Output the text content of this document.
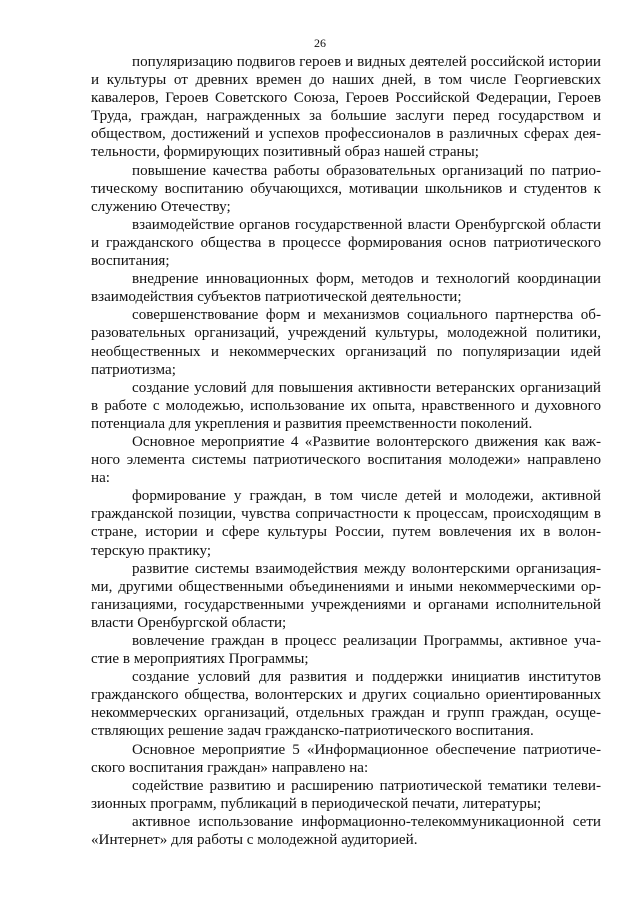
26

популяризацию подвигов героев и видных деятелей российской истории и культуры от древних времен до наших дней, в том числе Георгиевских кавалеров, Героев Советского Союза, Героев Российской Федерации, Героев Труда, граждан, награжденных за большие заслуги перед государством и обществом, достижений и успехов профессионалов в различных сферах деятельности, формирующих позитивный образ нашей страны;

повышение качества работы образовательных организаций по патриотическому воспитанию обучающихся, мотивации школьников и студентов к служению Отечеству;

взаимодействие органов государственной власти Оренбургской области и гражданского общества в процессе формирования основ патриотического воспитания;

внедрение инновационных форм, методов и технологий координации взаимодействия субъектов патриотической деятельности;

совершенствование форм и механизмов социального партнерства образовательных организаций, учреждений культуры, молодежной политики, необщественных и некоммерческих организаций по популяризации идей патриотизма;

создание условий для повышения активности ветеранских организаций в работе с молодежью, использование их опыта, нравственного и духовного потенциала для укрепления и развития преемственности поколений.

Основное мероприятие 4 «Развитие волонтерского движения как важного элемента системы патриотического воспитания молодежи» направлено на:

формирование у граждан, в том числе детей и молодежи, активной гражданской позиции, чувства сопричастности к процессам, происходящим в стране, истории и сфере культуры России, путем вовлечения их в волонтерскую практику;

развитие системы взаимодействия между волонтерскими организациями, другими общественными объединениями и иными некоммерческими организациями, государственными учреждениями и органами исполнительной власти Оренбургской области;

вовлечение граждан в процесс реализации Программы, активное участие в мероприятиях Программы;

создание условий для развития и поддержки инициатив институтов гражданского общества, волонтерских и других социально ориентированных некоммерческих организаций, отдельных граждан и групп граждан, осуществляющих решение задач гражданско-патриотического воспитания.

Основное мероприятие 5 «Информационное обеспечение патриотического воспитания граждан» направлено на:

содействие развитию и расширению патриотической тематики телевизионных программ, публикаций в периодической печати, литературы;

активное использование информационно-телекоммуникационной сети «Интернет» для работы с молодежной аудиторией.
